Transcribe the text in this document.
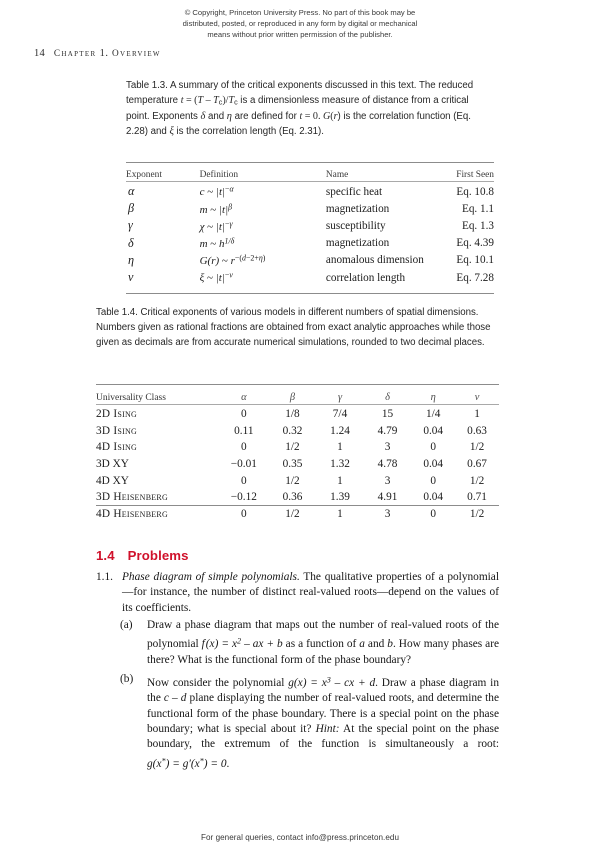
© Copyright, Princeton University Press. No part of this book may be
distributed, posted, or reproduced in any form by digital or mechanical
means without prior written permission of the publisher.
14 Chapter 1. Overview
Table 1.3. A summary of the critical exponents discussed in this text. The reduced temperature $t = (T - T_c)/T_c$ is a dimensionless measure of distance from a critical point. Exponents δ and η are defined for t = 0. G(r) is the correlation function (Eq. 2.28) and ξ is the correlation length (Eq. 2.31).
Exponent	Definition	Name	First Seen
α	c ~ $|t|^{-\alpha}$	specific heat	Eq. 10.8
β	m ~ $|t|^\beta$	magnetization	Eq. 1.1
γ	χ ~ $|t|^{-\gamma}$	susceptibility	Eq. 1.3
δ	m ~ $h^{1/\delta}$	magnetization	Eq. 4.39
η	G(r) ~ $r^{-(d-2+\eta)}$	anomalous dimension	Eq. 10.1
ν	ξ ~ $|t|^{-\nu}$	correlation length	Eq. 7.28
Table 1.4. Critical exponents of various models in different numbers of spatial dimensions. Numbers given as rational fractions are obtained from exact analytic approaches while those given as decimals are from accurate numerical simulations, rounded to two decimal places.
Universality Class	α	β	γ	δ	η	ν
2D Ising	0	1/8	7/4	15	1/4	1
3D Ising	0.11	0.32	1.24	4.79	0.04	0.63
4D Ising	0	1/2	1	3	0	1/2
3D XY	−0.01	0.35	1.32	4.78	0.04	0.67
4D XY	0	1/2	1	3	0	1/2
3D Heisenberg	−0.12	0.36	1.39	4.91	0.04	0.71
4D Heisenberg	0	1/2	1	3	0	1/2
1.4 Problems
1.1. Phase diagram of simple polynomials. The qualitative properties of a polynomial—for instance, the number of distinct real-valued roots—depend on the values of its coefficients.
(a)	Draw a phase diagram that maps out the number of real-valued roots of the polynomial f $(x) = x^2$ – ax + b as a function of a and b. How many phases are there? What is the functional form of the phase boundary?
(b)	Now consider the polynomial $g(x) = x^3$ – cx + d. Draw a phase diagram in the c – d plane displaying the number of real-valued roots, and determine the functional form of the phase boundary. There is a special point on the phase boundary; what is special about it? Hint: At the special point on the phase boundary, the extremum of the function is simultaneously a root: g(x*) = g′(x*) = 0.
For general queries, contact info@press.princeton.edu
